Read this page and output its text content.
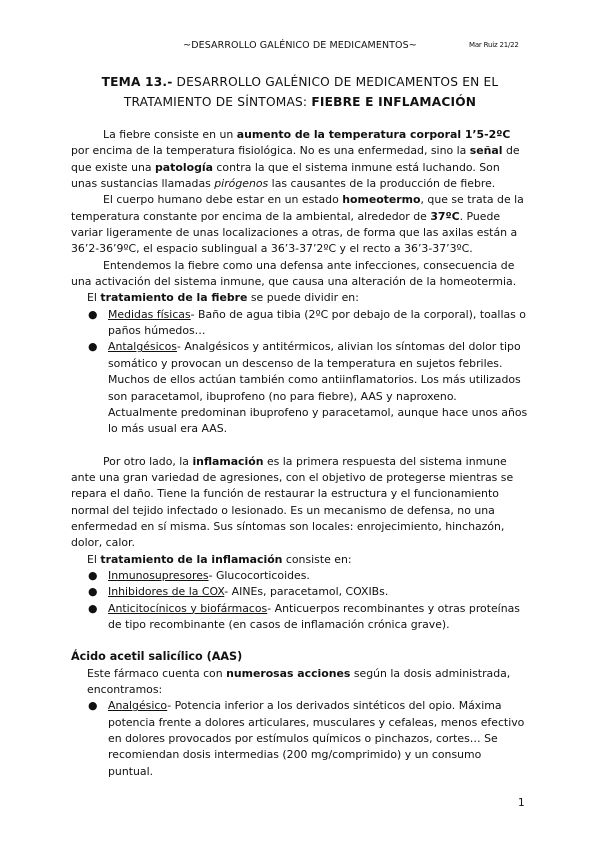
~DESARROLLO GALÉNICO DE MEDICAMENTOS~	Mar Ruiz 21/22
TEMA 13.- DESARROLLO GALÉNICO DE MEDICAMENTOS EN EL
TRATAMIENTO DE SÍNTOMAS: FIEBRE E INFLAMACIÓN

La fiebre consiste en un aumento de la temperatura corporal 1’5-2ºC por encima de la temperatura fisiológica. No es una enfermedad, sino la señal de que existe una patología contra la que el sistema inmune está luchando. Son unas sustancias llamadas pirógenos las causantes de la producción de fiebre.

El cuerpo humano debe estar en un estado homeotermo, que se trata de la temperatura constante por encima de la ambiental, alrededor de 37ºC. Puede variar ligeramente de unas localizaciones a otras, de forma que las axilas están a 36’2-36’9ºC, el espacio sublingual a 36’3-37’2ºC y el recto a 36’3-37’3ºC.

Entendemos la fiebre como una defensa ante infecciones, consecuencia de una activación del sistema inmune, que causa una alteración de la homeotermia.

El tratamiento de la fiebre se puede dividir en:

● Medidas físicas- Baño de agua tibia (2ºC por debajo de la corporal), toallas o paños húmedos…
● Antalgésicos- Analgésicos y antitérmicos, alivian los síntomas del dolor tipo somático y provocan un descenso de la temperatura en sujetos febriles. Muchos de ellos actúan también como antiinflamatorios. Los más utilizados son paracetamol, ibuprofeno (no para fiebre), AAS y naproxeno. Actualmente predominan ibuprofeno y paracetamol, aunque hace unos años lo más usual era AAS.

Por otro lado, la inflamación es la primera respuesta del sistema inmune ante una gran variedad de agresiones, con el objetivo de protegerse mientras se repara el daño. Tiene la función de restaurar la estructura y el funcionamiento normal del tejido infectado o lesionado. Es un mecanismo de defensa, no una enfermedad en sí misma. Sus síntomas son locales: enrojecimiento, hinchazón, dolor, calor.

El tratamiento de la inflamación consiste en:

● Inmunosupresores- Glucocorticoides.
● Inhibidores de la COX- AINEs, paracetamol, COXIBs.
● Anticitocínicos y biofármacos- Anticuerpos recombinantes y otras proteínas de tipo recombinante (en casos de inflamación crónica grave).

Ácido acetil salicílico (AAS)

Este fármaco cuenta con numerosas acciones según la dosis administrada, encontramos:

● Analgésico- Potencia inferior a los derivados sintéticos del opio. Máxima potencia frente a dolores articulares, musculares y cefaleas, menos efectivo en dolores provocados por estímulos químicos o pinchazos, cortes… Se recomiendan dosis intermedias (200 mg/comprimido) y un consumo puntual.
1
